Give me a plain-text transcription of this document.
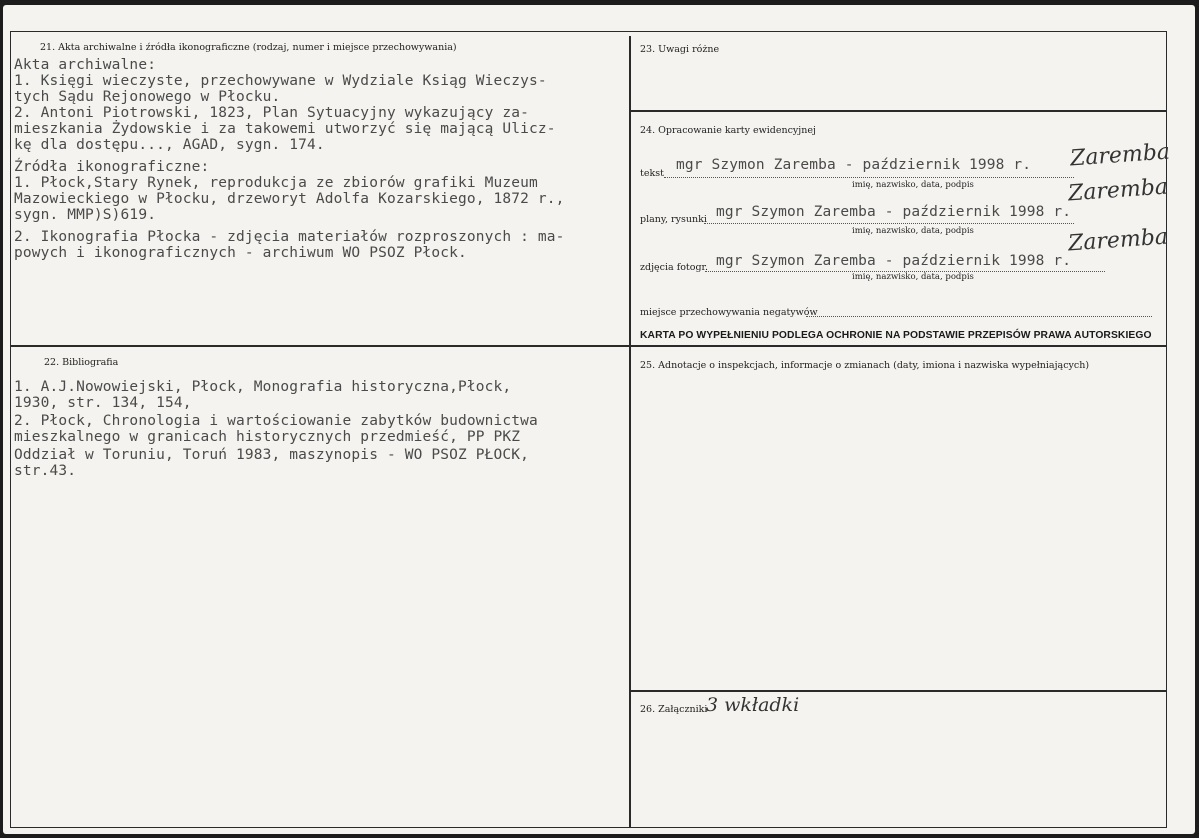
21. Akta archiwalne i źródła ikonograficzne (rodzaj, numer i miejsce przechowywania)
Akta archiwalne:
1. Księgi wieczyste, przechowywane w Wydziale Ksiąg Wieczys-
tych Sądu Rejonowego w Płocku.
2. Antoni Piotrowski, 1823, Plan Sytuacyjny wykazujący za-
mieszkania Żydowskie i za takowemi utworzyć się mającą Ulicz-
kę dla dostępu..., AGAD, sygn. 174.
Źródła ikonograficzne:
1. Płock,Stary Rynek, reprodukcja ze zbiorów grafiki Muzeum
Mazowieckiego w Płocku, drzeworyt Adolfa Kozarskiego, 1872 r.,
sygn. MMP)S)619.
2. Ikonografia Płocka - zdjęcia materiałów rozproszonych : ma-
powych i ikonograficznych - archiwum WO PSOZ Płock.
22. Bibliografia
1. A.J.Nowowiejski, Płock, Monografia historyczna,Płock,
1930, str. 134, 154,
2. Płock, Chronologia i wartościowanie zabytków budownictwa
mieszkalnego w granicach historycznych przedmieść, PP PKZ
Oddział w Toruniu, Toruń 1983, maszynopis - WO PSOZ PŁOCK,
str.43.
23. Uwagi różne
24. Opracowanie karty ewidencyjnej
tekst
mgr Szymon Zaremba - październik 1998 r.
imię, nazwisko, data, podpis
Zaremba
plany, rysunki mgr Szymon Zaremba - październik 1998 r.
imię, nazwisko, data, podpis
Zaremba
zdjęcia fotogr. mgr Szymon Zaremba - październik 1998 r.
imię, nazwisko, data, podpis
Zaremba
miejsce przechowywania negatywów
KARTA PO WYPEŁNIENIU PODLEGA OCHRONIE NA PODSTAWIE PRZEPISÓW PRAWA AUTORSKIEGO
25. Adnotacje o inspekcjach, informacje o zmianach (daty, imiona i nazwiska wypełniających)
26. Załączniki
3 wkładki
